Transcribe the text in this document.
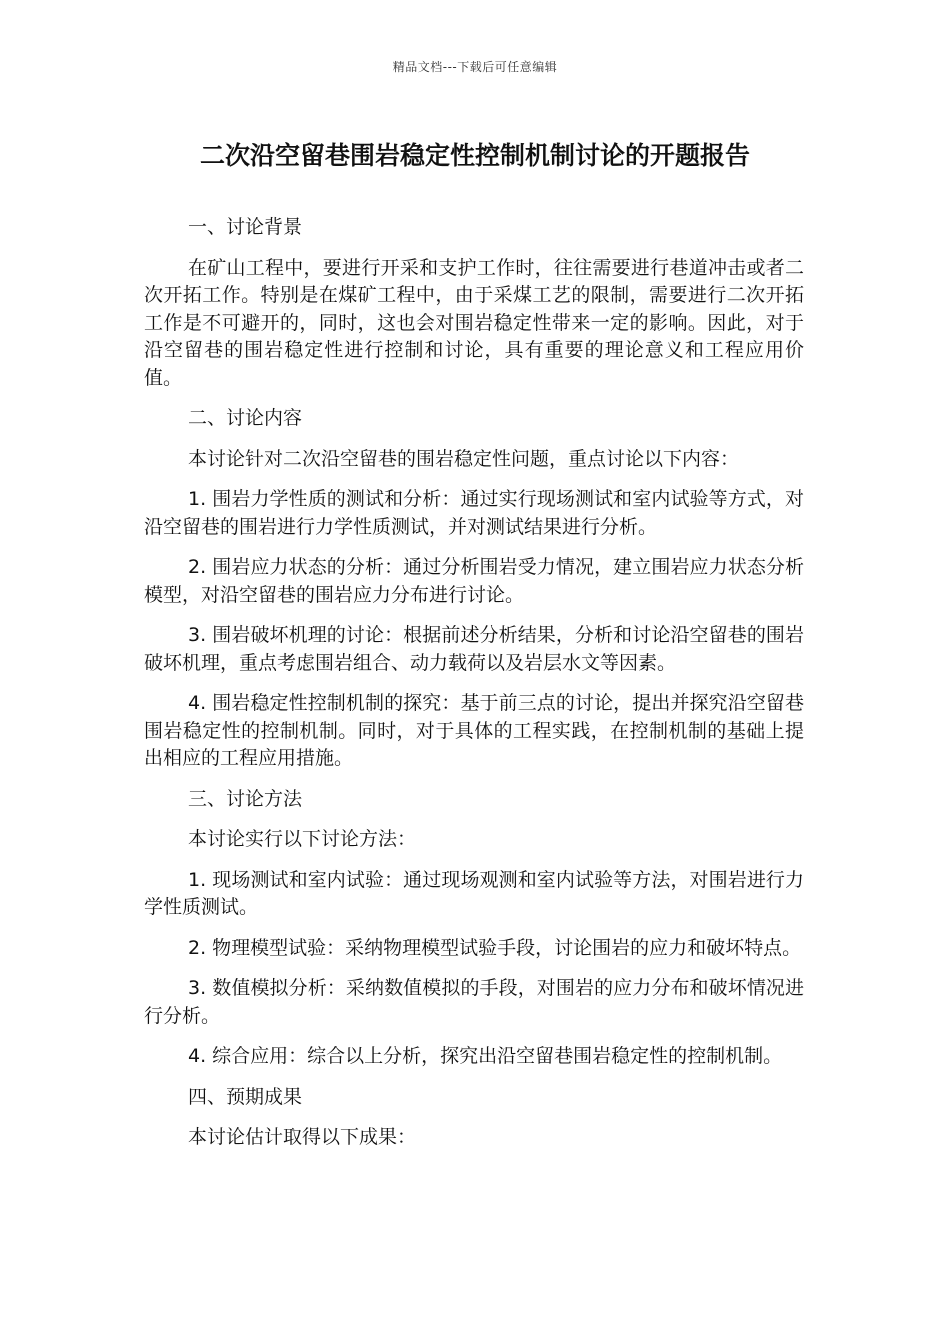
精品文档---下载后可任意编辑
二次沿空留巷围岩稳定性控制机制讨论的开题报告

一、讨论背景

在矿山工程中，要进行开采和支护工作时，往往需要进行巷道冲击或者二次开拓工作。特别是在煤矿工程中，由于采煤工艺的限制，需要进行二次开拓工作是不可避开的，同时，这也会对围岩稳定性带来一定的影响。因此，对于沿空留巷的围岩稳定性进行控制和讨论，具有重要的理论意义和工程应用价值。

二、讨论内容

本讨论针对二次沿空留巷的围岩稳定性问题，重点讨论以下内容：

1. 围岩力学性质的测试和分析：通过实行现场测试和室内试验等方式，对沿空留巷的围岩进行力学性质测试，并对测试结果进行分析。

2. 围岩应力状态的分析：通过分析围岩受力情况，建立围岩应力状态分析模型，对沿空留巷的围岩应力分布进行讨论。

3. 围岩破坏机理的讨论：根据前述分析结果，分析和讨论沿空留巷的围岩破坏机理，重点考虑围岩组合、动力载荷以及岩层水文等因素。

4. 围岩稳定性控制机制的探究：基于前三点的讨论，提出并探究沿空留巷围岩稳定性的控制机制。同时，对于具体的工程实践，在控制机制的基础上提出相应的工程应用措施。

三、讨论方法

本讨论实行以下讨论方法：

1. 现场测试和室内试验：通过现场观测和室内试验等方法，对围岩进行力学性质测试。

2. 物理模型试验：采纳物理模型试验手段，讨论围岩的应力和破坏特点。

3. 数值模拟分析：采纳数值模拟的手段，对围岩的应力分布和破坏情况进行分析。

4. 综合应用：综合以上分析，探究出沿空留巷围岩稳定性的控制机制。

四、预期成果

本讨论估计取得以下成果：
